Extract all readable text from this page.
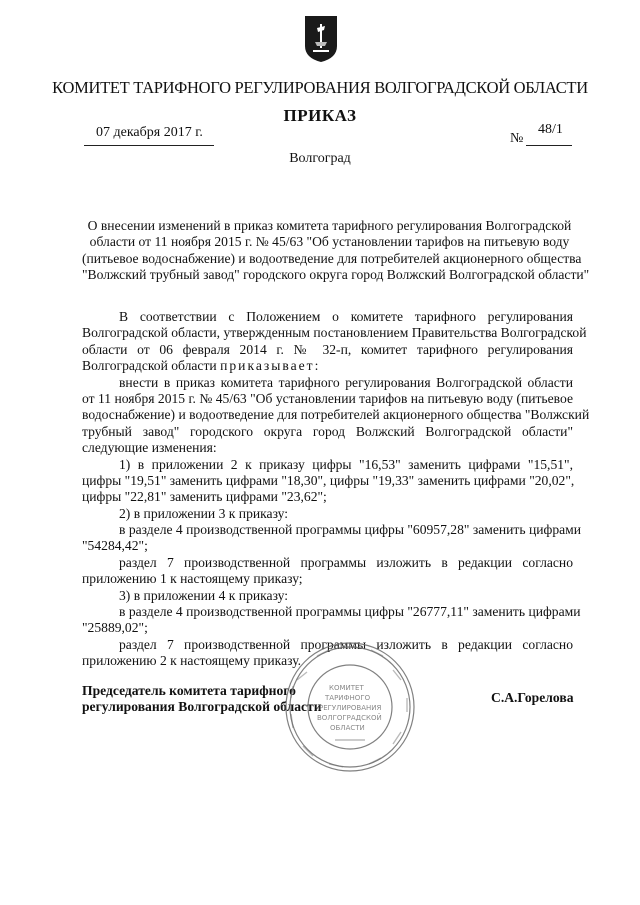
КОМИТЕТ ТАРИФНОГО РЕГУЛИРОВАНИЯ ВОЛГОГРАДСКОЙ ОБЛАСТИ
ПРИКАЗ
07 декабря 2017 г.	№
48/1
Волгоград
О внесении изменений в приказ комитета тарифного регулирования Волгоградской
области от 11 ноября 2015 г. № 45/63 "Об установлении тарифов на питьевую воду
(питьевое водоснабжение) и водоотведение для потребителей акционерного общества
"Волжский трубный завод" городского округа город Волжский Волгоградской области"
В соответствии с Положением о комитете тарифного регулирования
Волгоградской области, утвержденным постановлением Правительства Волгоградской
области от 06 февраля 2014 г. № 32-п, комитет тарифного регулирования
Волгоградской области приказывает:
внести в приказ комитета тарифного регулирования Волгоградской области
от 11 ноября 2015 г. № 45/63 "Об установлении тарифов на питьевую воду (питьевое
водоснабжение) и водоотведение для потребителей акционерного общества "Волжский
трубный завод" городского округа город Волжский Волгоградской области"
следующие изменения:
1) в приложении 2 к приказу цифры "16,53" заменить цифрами "15,51",
цифры "19,51" заменить цифрами "18,30", цифры "19,33" заменить цифрами "20,02",
цифры "22,81" заменить цифрами "23,62";
2) в приложении 3 к приказу:
в разделе 4 производственной программы цифры "60957,28" заменить цифрами
"54284,42";
раздел 7 производственной программы изложить в редакции согласно
приложению 1 к настоящему приказу;
3) в приложении 4 к приказу:
в разделе 4 производственной программы цифры "26777,11" заменить цифрами
"25889,02";
раздел 7 производственной программы изложить в редакции согласно
приложению 2 к настоящему приказу.
Председатель комитета тарифного
регулирования Волгоградской области
КОМИТЕТ
ТАРИФНОГО
РЕГУЛИРОВАНИЯ
ВОЛГОГРАДСКОЙ
ОБЛАСТИ
С.А.Горелова
